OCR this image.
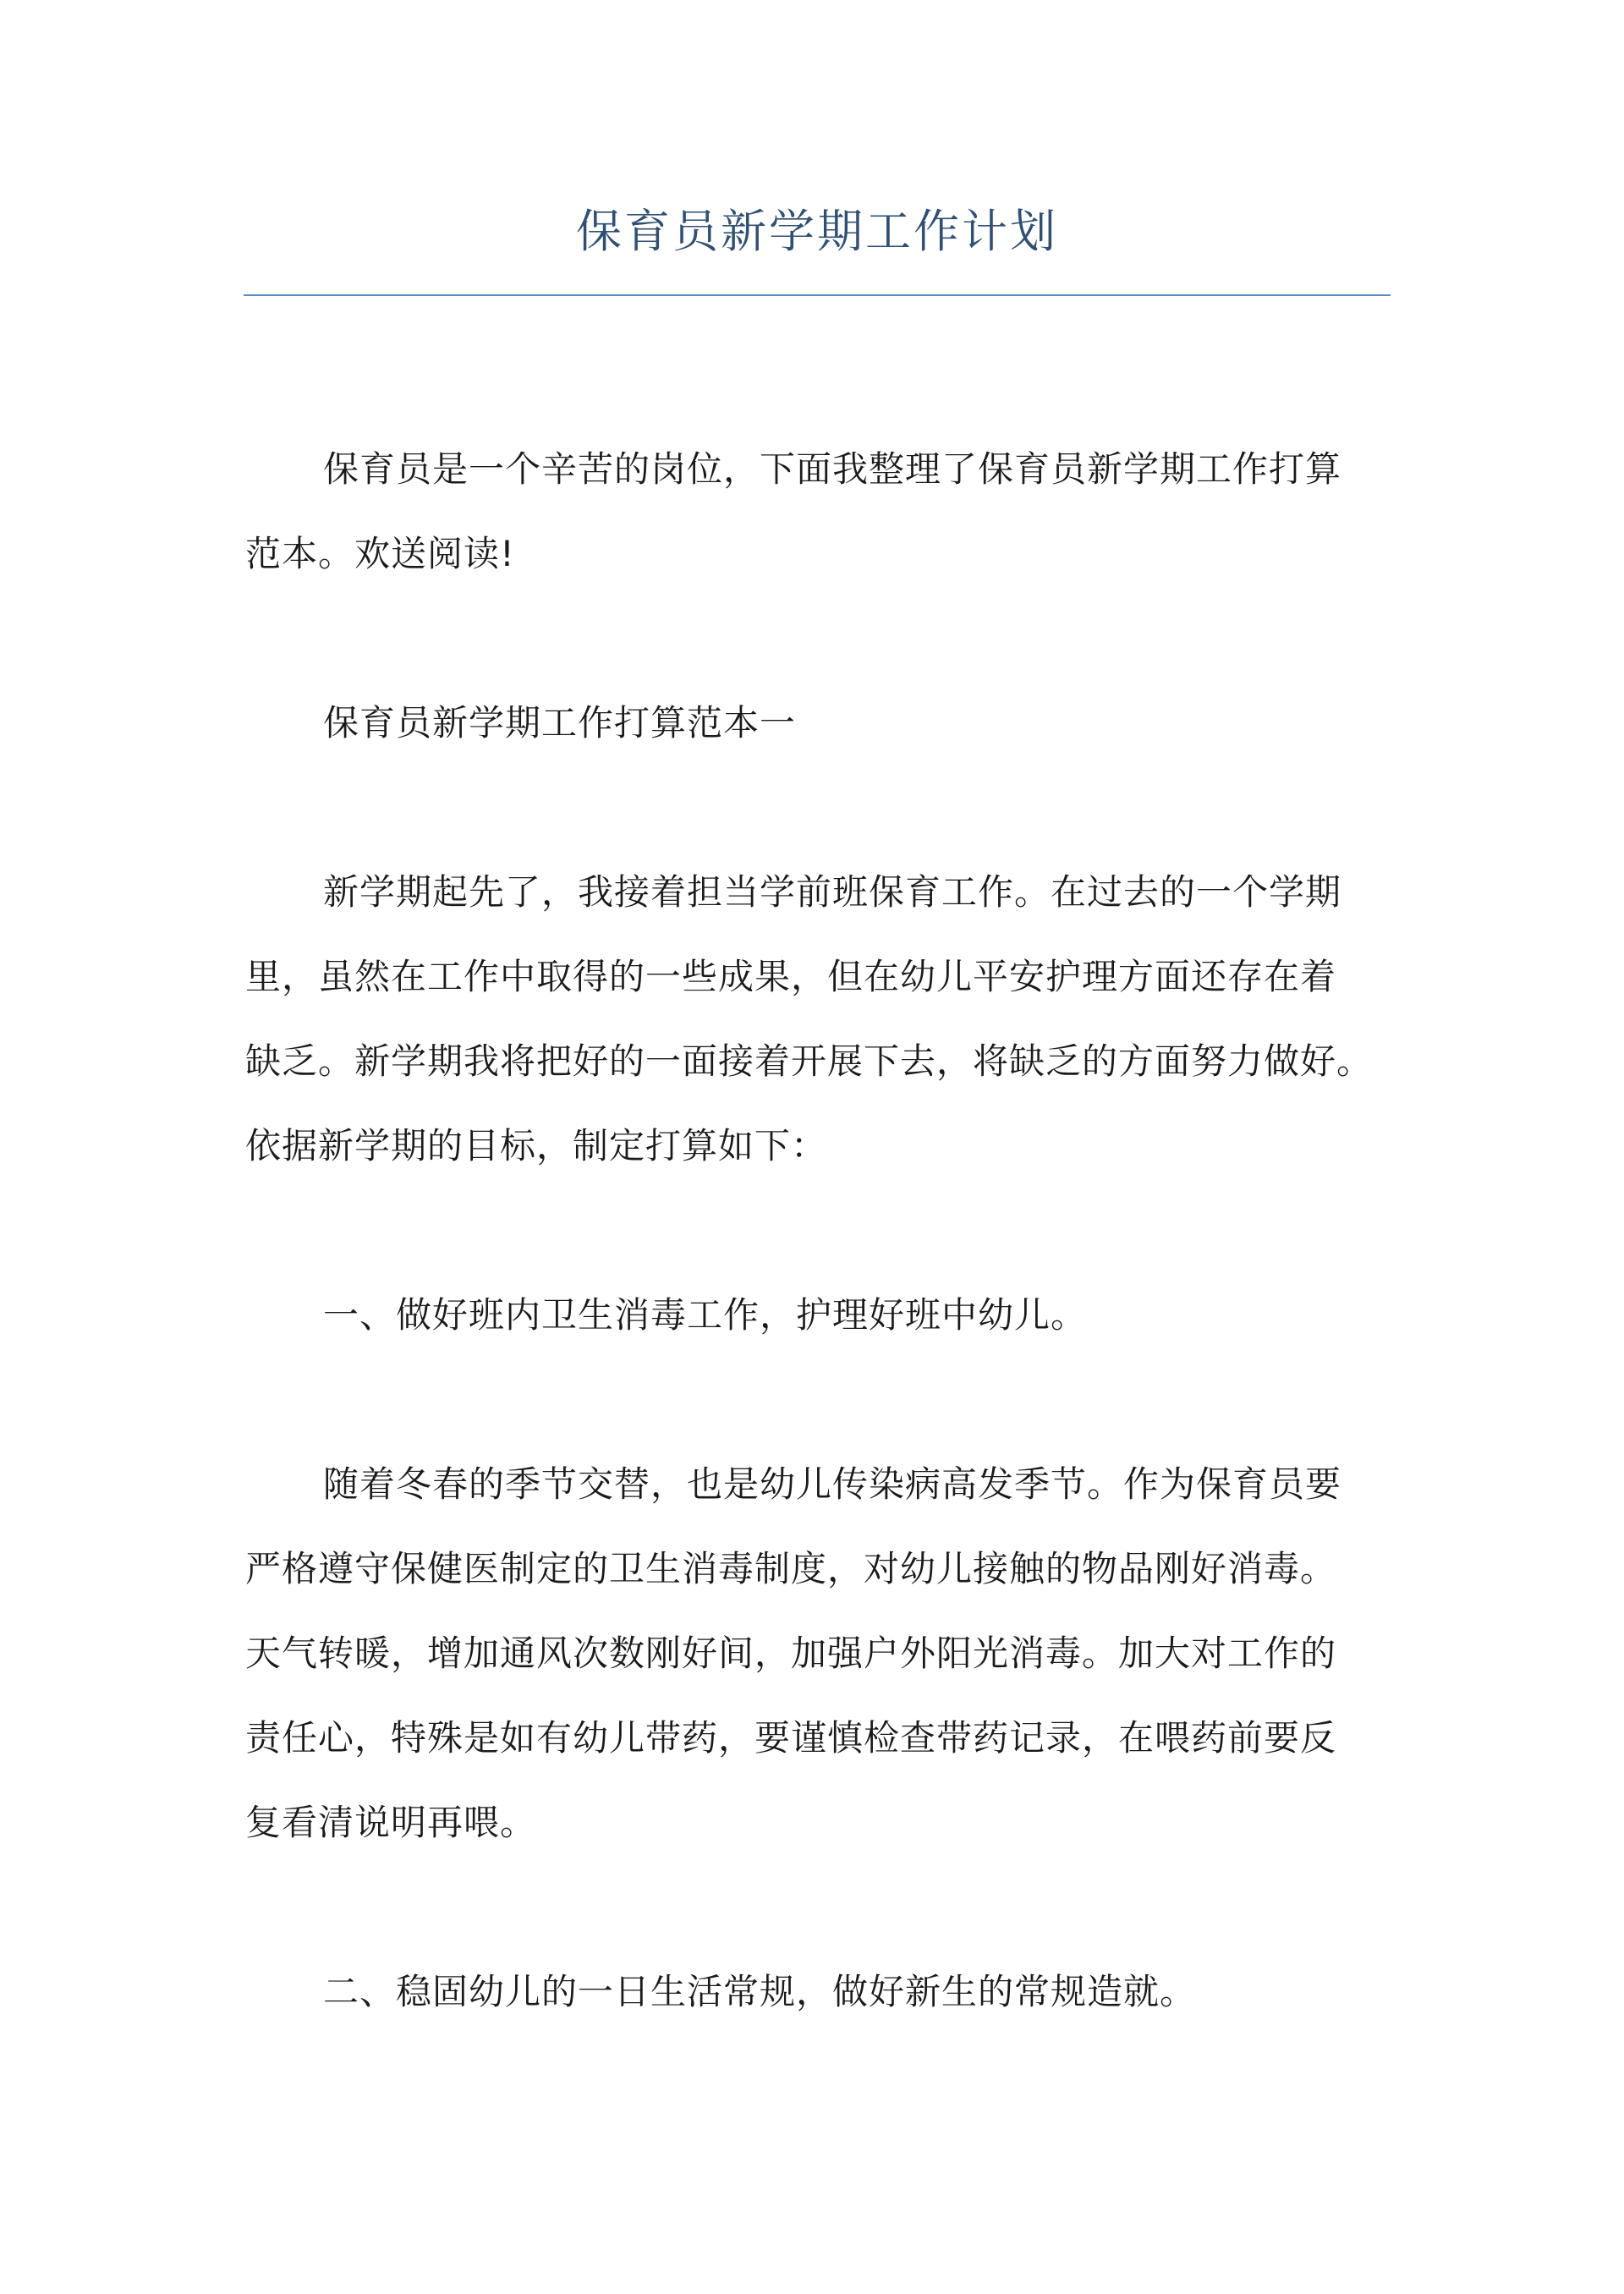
保育员新学期工作计划
保育员是一个辛苦的岗位，下面我整理了保育员新学期工作打算
范本。欢送阅读!
保育员新学期工作打算范本一
新学期起先了，我接着担当学前班保育工作。在过去的一个学期
里，虽然在工作中取得的一些成果，但在幼儿平安护理方面还存在着
缺乏。新学期我将把好的一面接着开展下去，将缺乏的方面努力做好。
依据新学期的目标，制定打算如下：
一、做好班内卫生消毒工作，护理好班中幼儿。
随着冬春的季节交替，也是幼儿传染病高发季节。作为保育员要
严格遵守保健医制定的卫生消毒制度，对幼儿接触的物品刚好消毒。
天气转暖，增加通风次数刚好间，加强户外阳光消毒。加大对工作的
责任心，特殊是如有幼儿带药，要谨慎检查带药记录，在喂药前要反
复看清说明再喂。
二、稳固幼儿的一日生活常规，做好新生的常规造就。
